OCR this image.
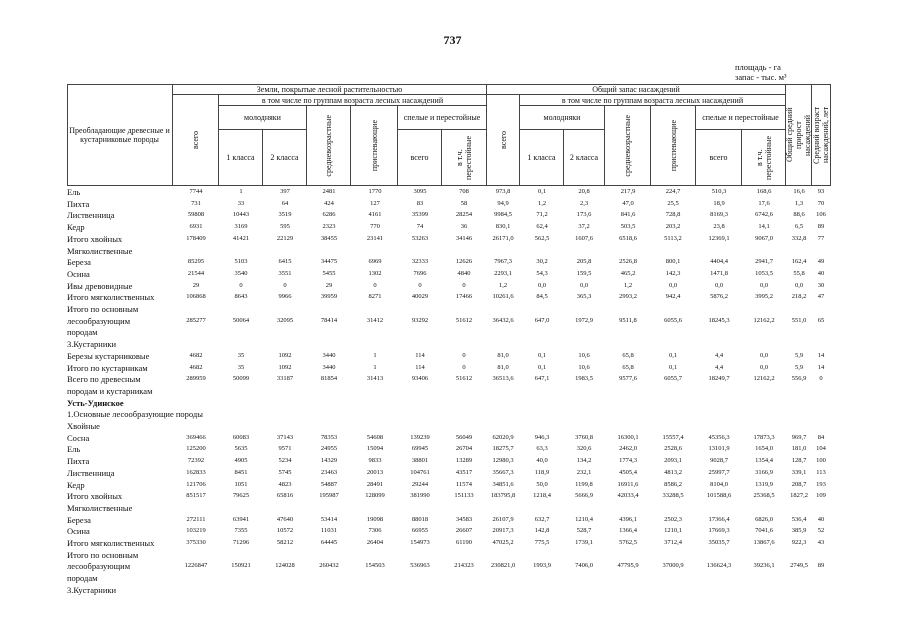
737
площадь - га
запас - тыс. м³
Преобладающие древесные и кустарниковые породы
Земли, покрытые лесной растительностью	Общий запас насаждений
в том числе по группам возраста лесных насаждений	в том числе по группам возраста лесных насаждений
всего	всего
молодняки	молодняки
1 класса 2 класса	1 класса 2 класса
средневозрастные	приспевающие	средневозрастные	приспевающие
спелые и перестойные	спелые и перестойные
всего	в т.ч. перестойные	всего	в т.ч. перестойные Общий средний прирост насаждений Средний возраст насаждений, лет
Ель	7744	1	397	2481	1770	3095	708	973,8	0,1	20,8	217,9	224,7	510,3	168,6	16,6	93
Пихта	731	33	64	424	127	83	58	94,9	1,2	2,3	47,0	25,5	18,9	17,6	1,3	70
Лиственница	59808	10443	3519	6286	4161	35399	28254	9984,5	71,2	173,6	841,6	728,8	8169,3	6742,6	88,6	106
Кедр	6931	3169	595	2323	770	74	36	830,1	62,4	37,2	503,5	203,2	23,8	14,1	6,5	89
Итого хвойных	178409	41421	22129	38455	23141	53263	34146	26171,0	562,5	1607,6	6518,6	5113,2	12369,1	9067,0	332,8	77
Мягколиственные
Береза	85295	5103	6415	34475	6969	32333	12626	7967,3	30,2	205,8	2526,8	800,1	4404,4	2941,7	162,4	49
Осина	21544	3540	3551	5455	1302	7696	4840	2293,1	54,3	159,5	465,2	142,3	1471,8	1053,5	55,8	40
Ивы древовидные	29	0	0	29	0	0	0	1,2	0,0	0,0	1,2	0,0	0,0	0,0	0,0	30
Итого мягколиственных	106868	8643	9966	39959	8271	40029	17466	10261,6	84,5	365,3	2993,2	942,4	5876,2	3995,2	218,2	47
Итого по основным
лесообразующим	285277	50064	32095	78414	31412	93292	51612	36432,6	647,0	1972,9	9511,8	6055,6	18245,3	12162,2	551,0	65
породам
3.Кустарники
Березы кустарниковые	4682	35	1092	3440	1	114	0	81,0	0,1	10,6	65,8	0,1	4,4	0,0	5,9	14
Итого по кустарникам	4682	35	1092	3440	1	114	0	81,0	0,1	10,6	65,8	0,1	4,4	0,0	5,9	14
Всего по древесным	289959	50099	33187	81854	31413	93406	51612	36513,6	647,1	1983,5	9577,6	6055,7	18249,7	12162,2	556,9	0
породам и кустарникам
Усть-Удинское
1.Основные лесообразующие породы
Хвойные
Сосна	369466	60083	37143	78353	54608	139239	56049	62020,9	946,3	3760,8	16300,1	15557,4	45356,3	17873,3	969,7	84
Ель	125200	5635	9571	24955	15094	69945	26704	18275,7	63,3	320,6	2462,0	2528,6	13101,9	1654,0	181,0	104
Пихта	72392	4905	5234	14329	9833	38801	13289	12980,3	40,0	134,2	1774,3	2093,1	9028,7	1354,4	128,7	100
Лиственница	162833	8451	5745	23463	20013	104761	43517	35667,3	118,9	232,1	4505,4	4813,2	25997,7	3166,9	339,1	113
Кедр	121706	1051	4823	54887	28491	29244	11574	34851,6	50,0	1199,8	16911,6	8586,2	8104,0	1319,9	208,7	193
Итого хвойных	851517	79625	65816	195987	128099	381990	151133	183795,8	1218,4	5666,9	42033,4	33288,5	101588,6	25368,5	1827,2	109
Мягколиственные
Береза	272111	63941	47640	53414	19098	88018	34583	26107,9	632,7	1210,4	4396,1	2502,3	17366,4	6826,0	536,4	40
Осина	103219	7355	10572	11031	7306	66955	26607	20917,3	142,8	528,7	1366,4	1210,1	17669,3	7041,6	385,9	52
Итого мягколиственных	375330	71296	58212	64445	26404	154973	61190	47025,2	775,5	1739,1	5762,5	3712,4	35035,7	13867,6	922,3	43
Итого по основным
лесообразующим	1226847	150921	124028	260432	154503	536963	214323	230821,0	1993,9	7406,0	47795,9	37000,9	136624,3	39236,1	2749,5	89
породам
3.Кустарники
